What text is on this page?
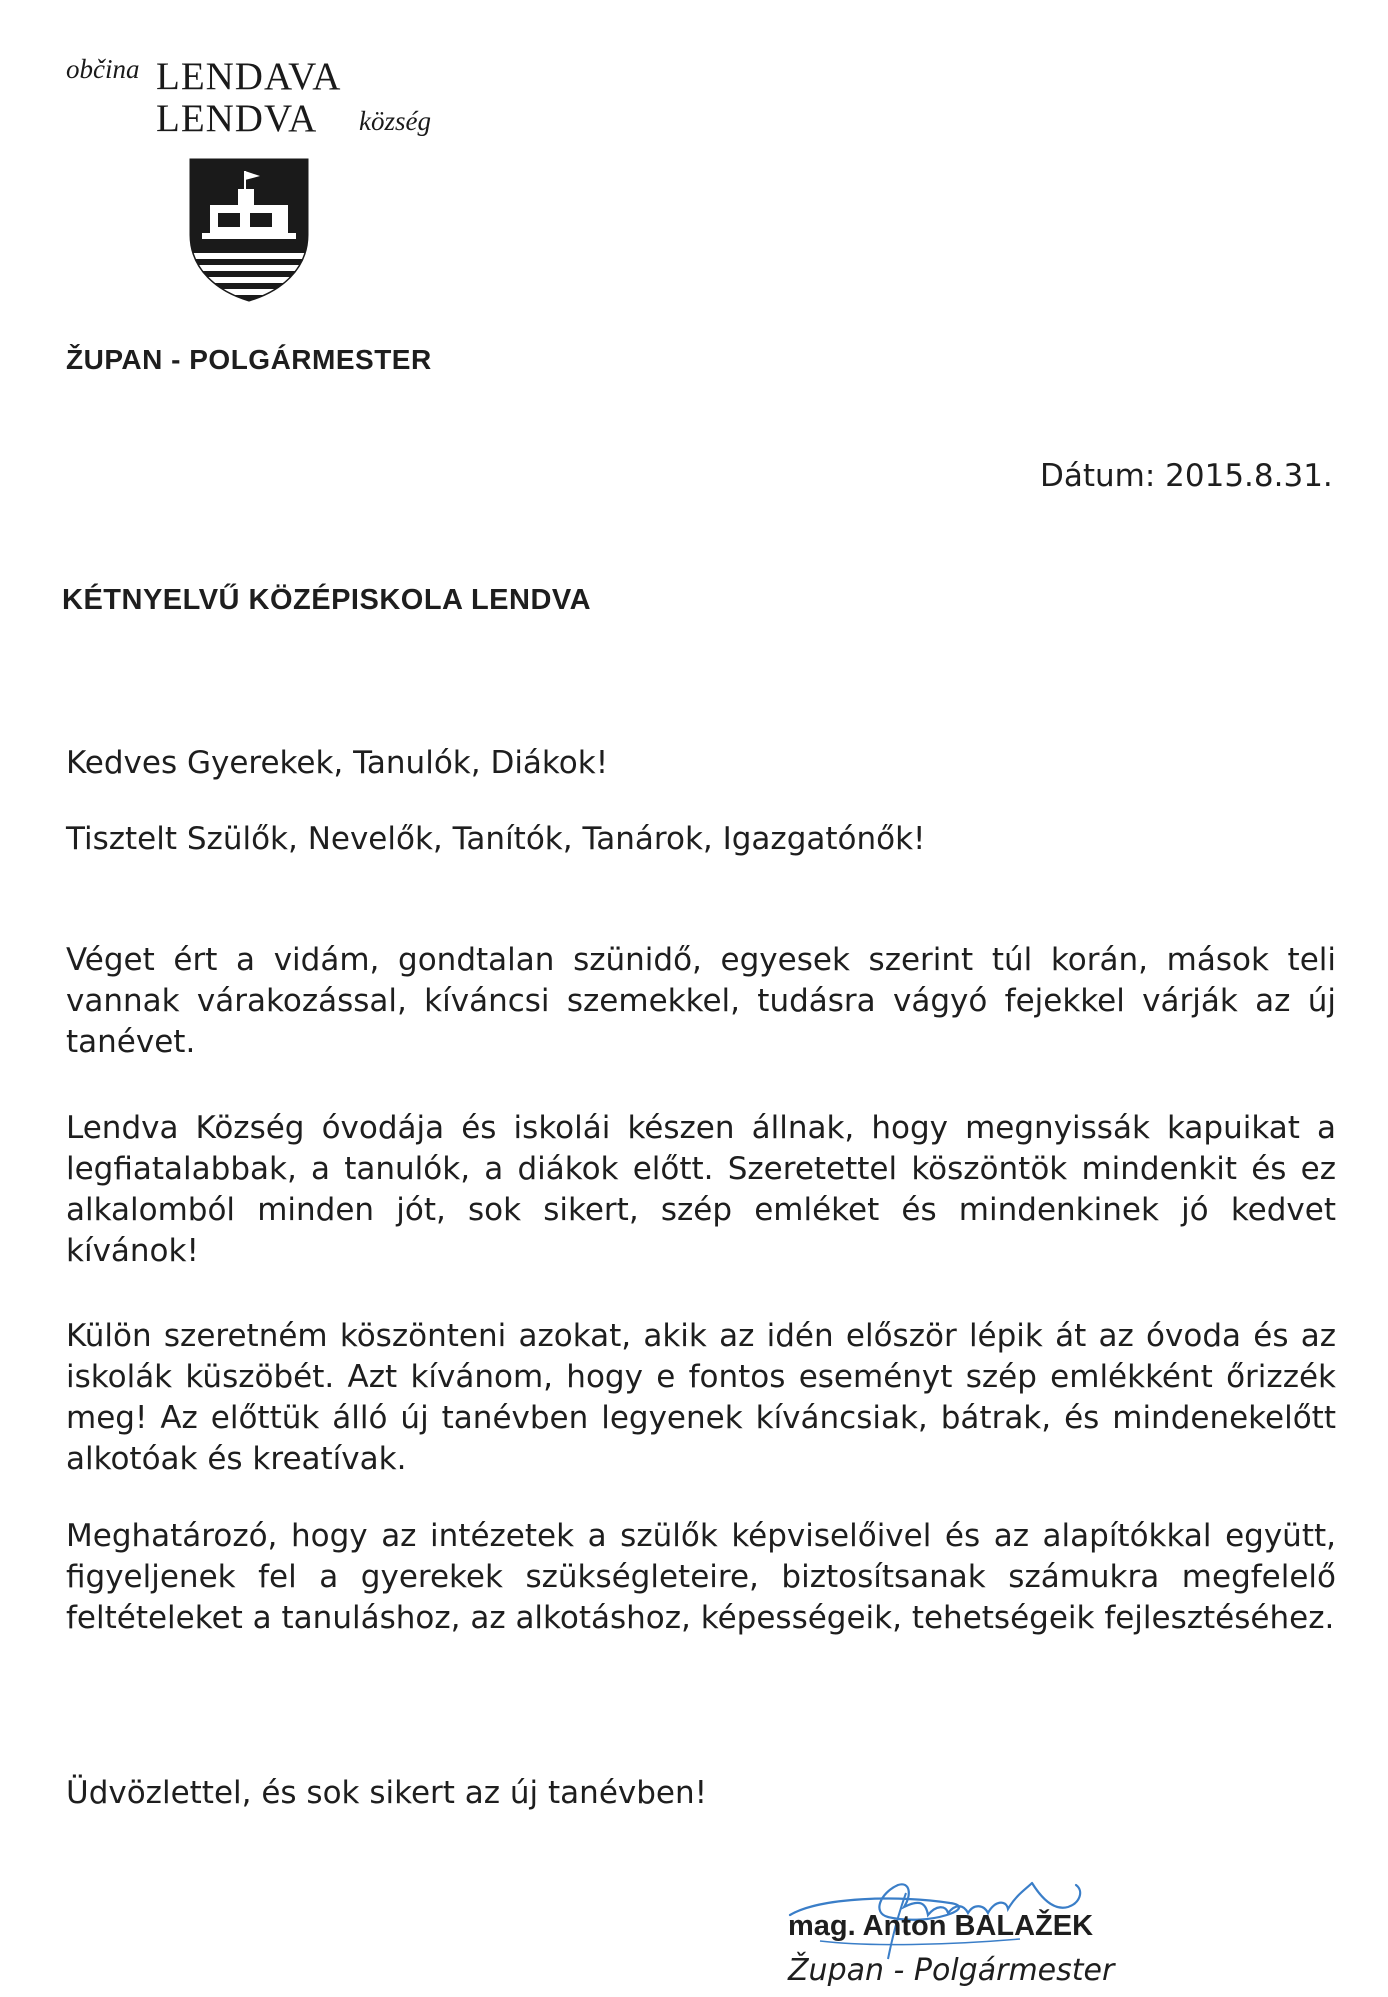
občina LENDAVA
LENDVA község
ŽUPAN - POLGÁRMESTER
Dátum: 2015.8.31.
KÉTNYELVŰ KÖZÉPISKOLA LENDVA
Kedves Gyerekek, Tanulók, Diákok!
Tisztelt Szülők, Nevelők, Tanítók, Tanárok, Igazgatónők!
Véget ért a vidám, gondtalan szünidő, egyesek szerint túl korán, mások teli vannak várakozással, kíváncsi szemekkel, tudásra vágyó fejekkel várják az új tanévet.
Lendva Község óvodája és iskolái készen állnak, hogy megnyissák kapuikat a legfiatalabbak, a tanulók, a diákok előtt. Szeretettel köszöntök mindenkit és ez alkalomból minden jót, sok sikert, szép emléket és mindenkinek jó kedvet kívánok!
Külön szeretném köszönteni azokat, akik az idén először lépik át az óvoda és az iskolák küszöbét. Azt kívánom, hogy e fontos eseményt szép emlékként őrizzék meg! Az előttük álló új tanévben legyenek kíváncsiak, bátrak, és mindenekelőtt alkotóak és kreatívak.
Meghatározó, hogy az intézetek a szülők képviselőivel és az alapítókkal együtt, figyeljenek fel a gyerekek szükségleteire, biztosítsanak számukra megfelelő feltételeket a tanuláshoz, az alkotáshoz, képességeik, tehetségeik fejlesztéséhez.
Üdvözlettel, és sok sikert az új tanévben!
mag. Anton BALAŽEK
Župan - Polgármester
